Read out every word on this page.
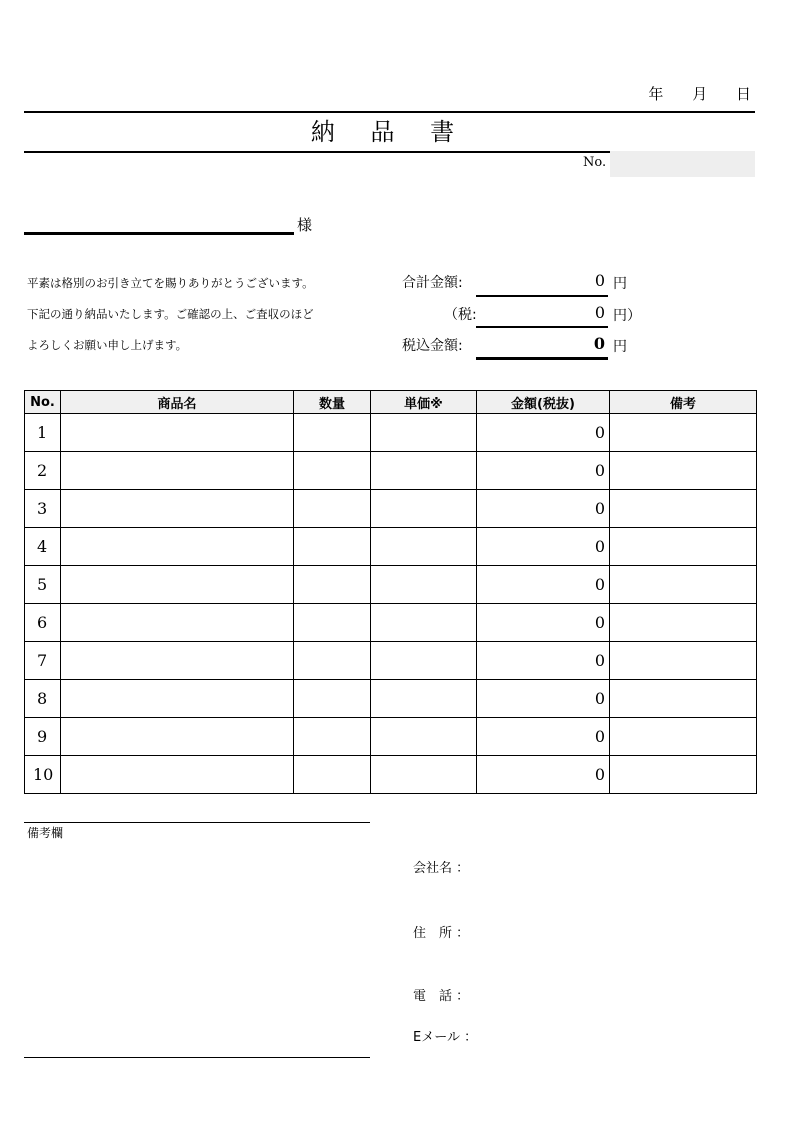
年 月 日
納 品 書
No.
様
平素は格別のお引き立てを賜りありがとうございます。
下記の通り納品いたします。ご確認の上、ご査収のほど
よろしくお願い申し上げます。
合計金額:	0 円
（税:	0 円）
税込金額:	0 円
No.	商品名	数量	単価※	金額(税抜)	備考
1				0	
2				0	
3				0	
4				0	
5				0	
6				0	
7				0	
8				0	
9				0	
10				0	
備考欄
会社名 ：
住　所 ：
電　話 ：
Eメール ：
